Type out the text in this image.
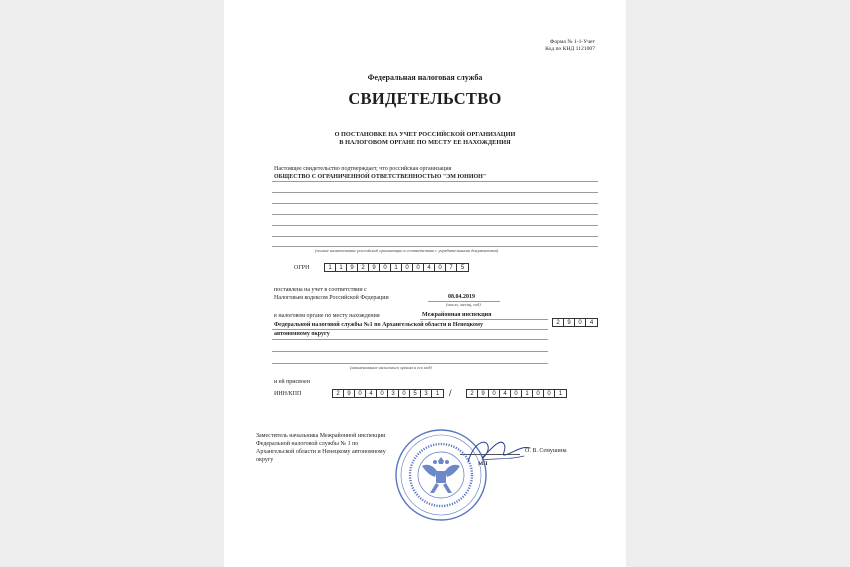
Форма № 1-1-Учет
Код по КНД 1121007
Федеральная налоговая служба
СВИДЕТЕЛЬСТВО
О ПОСТАНОВКЕ НА УЧЕТ РОССИЙСКОЙ ОРГАНИЗАЦИИ
В НАЛОГОВОМ ОРГАНЕ ПО МЕСТУ ЕЕ НАХОЖДЕНИЯ
Настоящее свидетельство подтверждает, что российская организация
ОБЩЕСТВО С ОГРАНИЧЕННОЙ ОТВЕТСТВЕННОСТЬЮ "ЭМ ЮНИОН"
(полное наименование российской организации в соответствии с учредительными документами)
ОГРН	1	1	9	2	9	0	1	0	0	4	0	7	5
поставлена на учет в соответствии с
Налоговым кодексом Российской Федерации	08.04.2019
(число, месяц, год)
в налоговом органе по месту нахождения	Межрайонная инспекция
Федеральной налоговой службы №1 по Архангельской области и Ненецкому
автономному округу
(наименование налогового органа и его код)
2	9	0	4
и ей присвоен
ИНН/КПП	2	9	0	4	0	3	0	5	3	1	/	2	9	0	4	0	1	0	0	1
Заместитель начальника Межрайонной инспекции
Федеральной налоговой службы № 1 по
Архангельской области и Ненецкому автономному
округу
О. В. Семушина
МП
